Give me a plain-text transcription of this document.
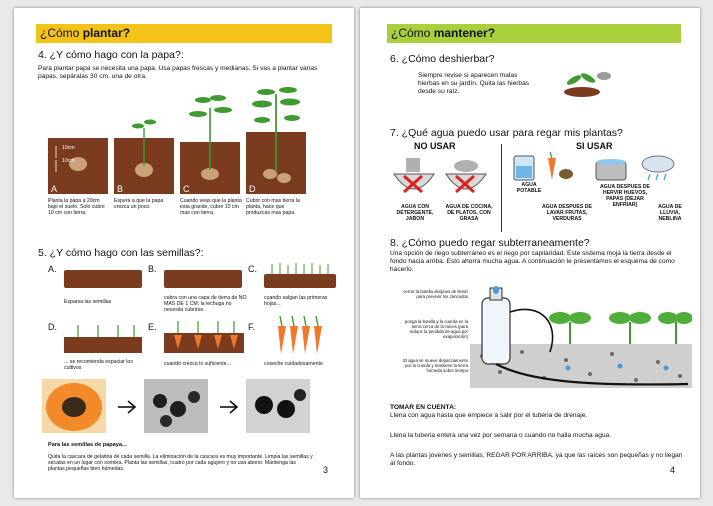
¿Cómo plantar?
4. ¿Y cómo hago con la papa?:
Para plantar papa se necesita una papa. Usa papas frescas y medianas. Si vas a plantar varias papas, sepáralas 30 cm. una de otra.
10cm
10cm
A	B	C	D
Planta la papa a 20cm bajo el suelo. Solo cubre 10 cm con tierra.
Espera a que la papa crezca un poco.
Cuando veas que la planta esta grande, cubre 10 cm mas con tierra.
Cubrir con mas tierra la planta, hace que produzcas mas papa.
5. ¿Y cómo hago con las semillas?:
A.	B.	C.
Esparsa las semillas
cubra con una capa de tierra de NO MAS DE 1 CM, la lechuga no necesita cubrirse.
cuando salgan las primeras hojas...
D.	E.	F.
... se recomienda espaciar los cultivos
cuando crezca lo suficiente...	coseche cuidadosamente
Para las semillas de papaya...
Quita la cascara de gelatina de cada semilla. La eliminación de la cascara es muy importante. Limpia las semillas y sécalas en un lugar con sombra. Planta las semillas, cuatro por cada agujero y no usa abono. Mantenga las plantas pequeñas bien húmedas.	3
¿Cómo mantener?
6. ¿Cómo deshierbar?
Siempre revise si aparecen malas hierbas en su jardín. Quita las hierbas desde su raíz.
7. ¿Qué agua puedo usar para regar mis plantas?
NO USAR	SI USAR
AGUA CON DETERGENTE, JABON
AGUA DE COCINA, DE PLATOS, CON GRASA
AGUA POTABLE
AGUA DESPUES DE LAVAR FRUTAS, VERDURAS
AGUA DESPUES DE HERVIR HUEVOS, PAPAS (DEJAR ENFRIAR)	AGUA DE LLUVIA, NEBLINA
8. ¿Cómo puedo regar subterraneamente?
Una opción de riego subterráneo es el riego por capilaridad. Este sistema moja la tierra desde el fondo hacia arriba. Esto ahorra mucha agua. A continuación le presentamos el esquema de como hacerlo.
cerrar la botella despúes de llenar para prevenir los zancudos
ponga la botella y la cuerda en la tierra cerca de la raíces (para reducir la pendida de agua por evaporación)
El agua se mueve depacciamente por la cuerda y mantiene la tierra húmeda sobre tiempo
TOMAR EN CUENTA:
Llena con agua hasta que empiece a salir por el tuberia de drenaje.
Llena la tuberia entera una vez por semana o cuando no halla mucha agua.
A las plantas jovenes y semillas, REGAR POR ARRIBA, ya que las raíces son pequeñas y no llegan al fondo.
4
